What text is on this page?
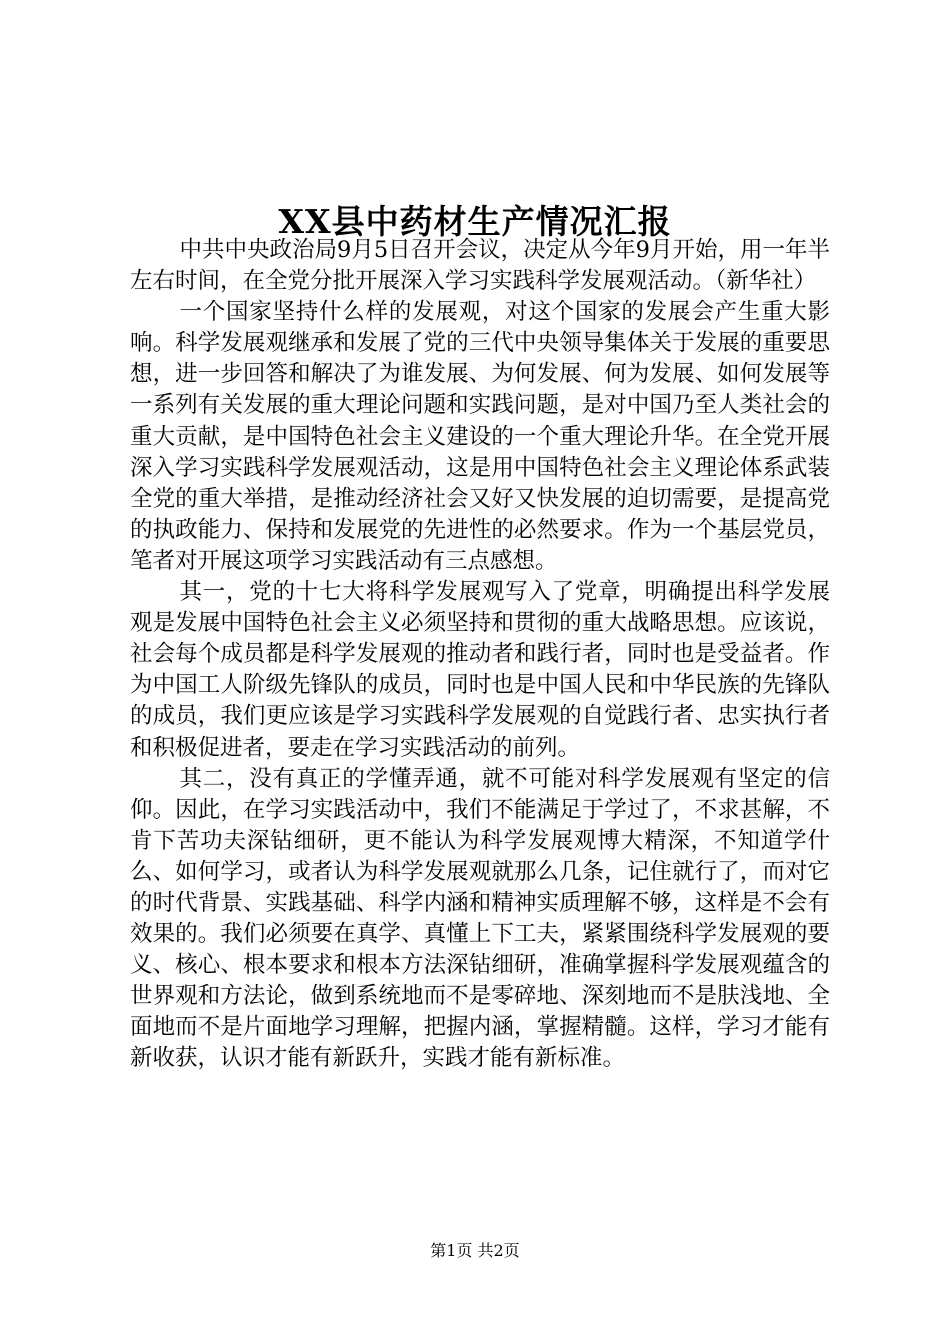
XX县中药材生产情况汇报

中共中央政治局9月5日召开会议，决定从今年9月开始，用一年半左右时间，在全党分批开展深入学习实践科学发展观活动。（新华社）

一个国家坚持什么样的发展观，对这个国家的发展会产生重大影响。科学发展观继承和发展了党的三代中央领导集体关于发展的重要思想，进一步回答和解决了为谁发展、为何发展、何为发展、如何发展等一系列有关发展的重大理论问题和实践问题，是对中国乃至人类社会的重大贡献，是中国特色社会主义建设的一个重大理论升华。在全党开展深入学习实践科学发展观活动，这是用中国特色社会主义理论体系武装全党的重大举措，是推动经济社会又好又快发展的迫切需要，是提高党的执政能力、保持和发展党的先进性的必然要求。作为一个基层党员，笔者对开展这项学习实践活动有三点感想。

其一，党的十七大将科学发展观写入了党章，明确提出科学发展观是发展中国特色社会主义必须坚持和贯彻的重大战略思想。应该说，社会每个成员都是科学发展观的推动者和践行者，同时也是受益者。作为中国工人阶级先锋队的成员，同时也是中国人民和中华民族的先锋队的成员，我们更应该是学习实践科学发展观的自觉践行者、忠实执行者和积极促进者，要走在学习实践活动的前列。

其二，没有真正的学懂弄通，就不可能对科学发展观有坚定的信仰。因此，在学习实践活动中，我们不能满足于学过了，不求甚解，不肯下苦功夫深钻细研，更不能认为科学发展观博大精深，不知道学什么、如何学习，或者认为科学发展观就那么几条，记住就行了，而对它的时代背景、实践基础、科学内涵和精神实质理解不够，这样是不会有效果的。我们必须要在真学、真懂上下工夫，紧紧围绕科学发展观的要义、核心、根本要求和根本方法深钻细研，准确掌握科学发展观蕴含的世界观和方法论，做到系统地而不是零碎地、深刻地而不是肤浅地、全面地而不是片面地学习理解，把握内涵，掌握精髓。这样，学习才能有新收获，认识才能有新跃升，实践才能有新标准。

第1页 共2页
